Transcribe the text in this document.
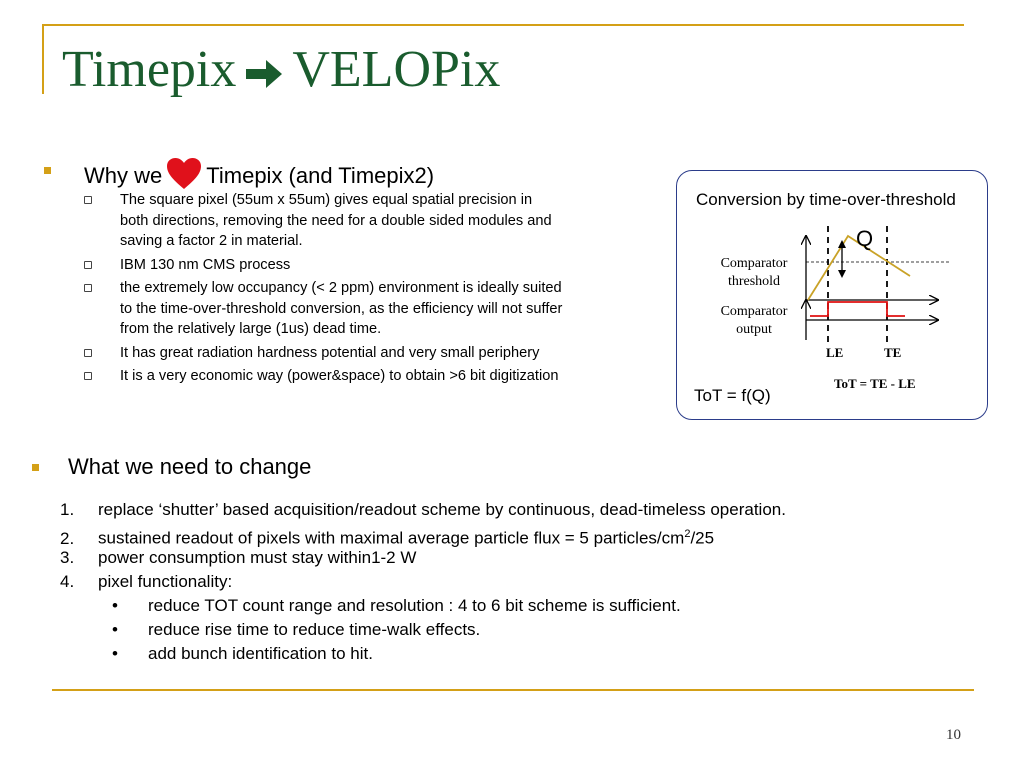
Timepix VELOPix
Why we Timepix (and Timepix2)
The square pixel (55um x 55um) gives equal spatial precision in both directions, removing the need for a double sided modules and saving a factor 2 in material.
IBM 130 nm CMS process
the extremely low occupancy (< 2 ppm) environment is ideally suited to the time-over-threshold conversion, as the efficiency will not suffer from the relatively large (1us) dead time.
It has great radiation hardness potential and very small periphery
It is a very economic way (power&space) to obtain >6 bit digitization
Conversion by time-over-threshold
Q
Comparator
threshold
Comparator
output
LE	TE
ToT = TE - LE
ToT = f(Q)
What we need to change
1. replace ‘shutter’ based acquisition/readout scheme by continuous, dead-timeless operation.
2. sustained readout of pixels with maximal average particle flux = 5 particles/$cm^2/25$
3. power consumption must stay within1-2 W
4. pixel functionality:
• reduce TOT count range and resolution : 4 to 6 bit scheme is sufficient.
• reduce rise time to reduce time-walk effects.
• add bunch identification to hit.
10
